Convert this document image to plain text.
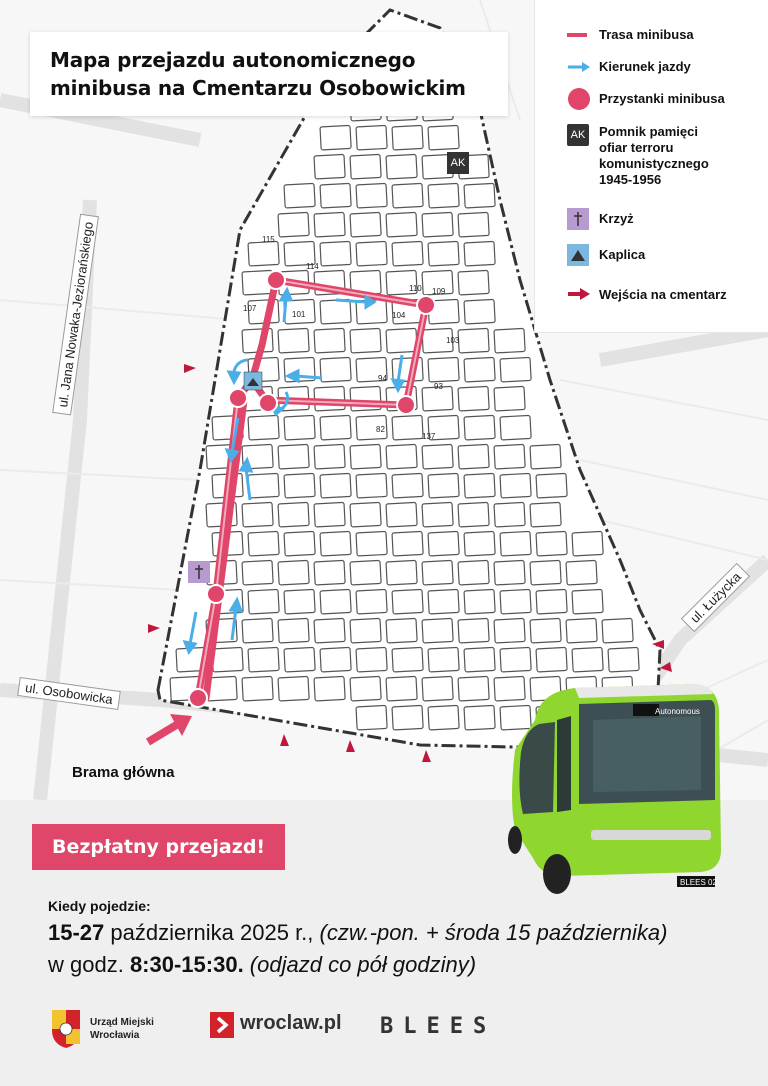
AK
115
114
107
101
110 109
104
103
94
93
82
137
ul. Jana Nowaka-Jeziorańskiego
ul. Łużycka
ul. Osobowicka
Mapa przejazdu autonomicznego
minibusa na Cmentarzu Osobowickim
Trasa minibusa
Kierunek jazdy
Przystanki minibusa
AK Pomnik pamięci
ofiar terroru
komunistycznego
1945-1956
Krzyż
Kaplica
Wejścia na cmentarz
Brama główna
Bezpłatny przejazd!
Kiedy pojedzie:
15-27 października 2025 r., (czw.-pon. + środa 15 października)
w godz. 8:30-15:30. (odjazd co pół godziny)
Autonomous
BLEES 02
Urząd Miejski
Wrocławia
wroclaw.pl BLEES
